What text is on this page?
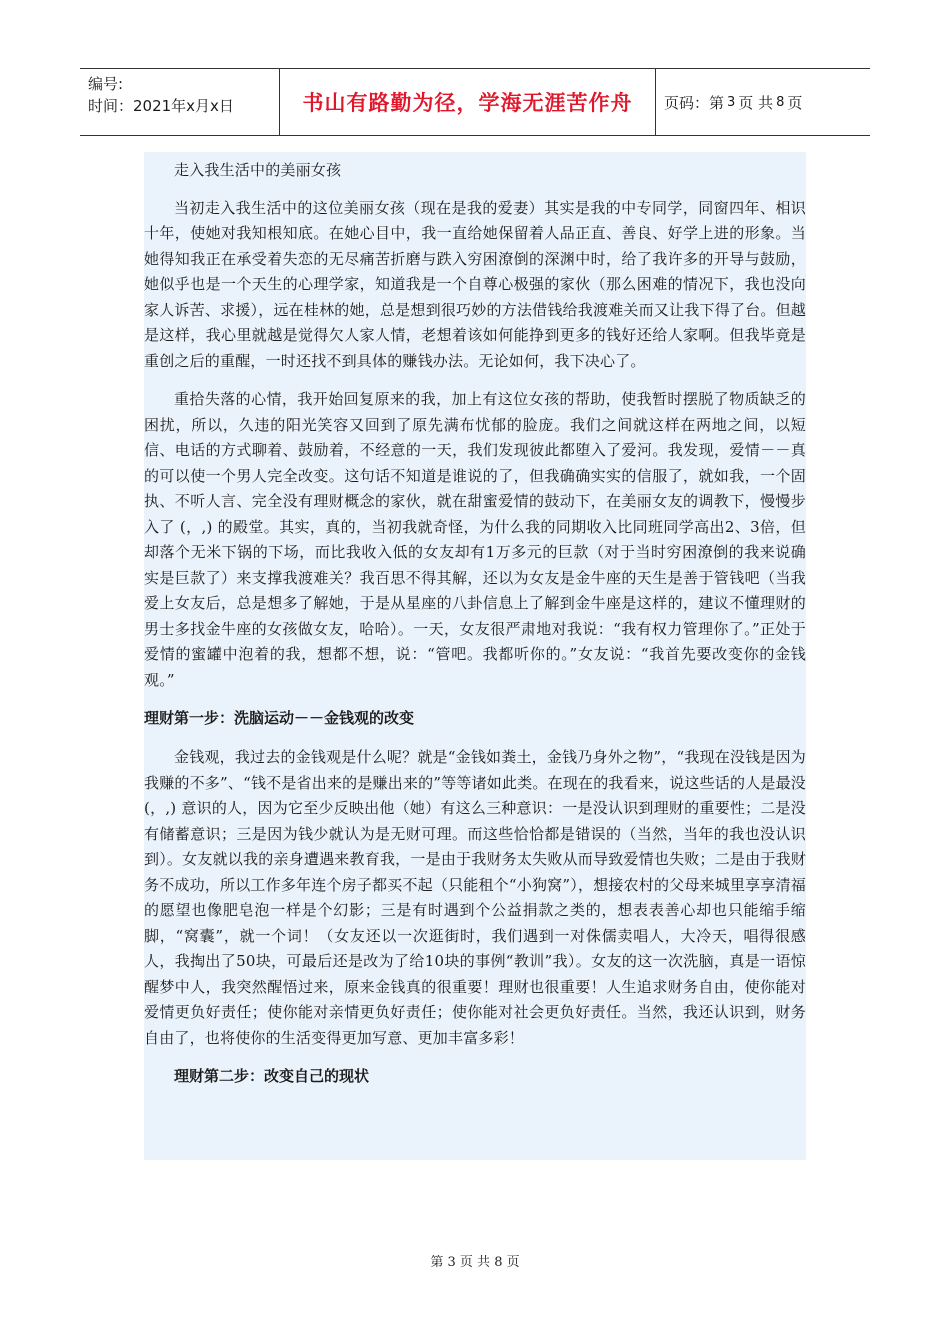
编号:
时间：2021年x月x日	书山有路勤为径，学海无涯苦作舟 页码：第 3 页 共 8 页

走入我生活中的美丽女孩

当初走入我生活中的这位美丽女孩（现在是我的爱妻）其实是我的中专同学，同窗四年、相识十年，使她对我知根知底。在她心目中，我一直给她保留着人品正直、善良、好学上进的形象。当她得知我正在承受着失恋的无尽痛苦折磨与跌入穷困潦倒的深渊中时，给了我许多的开导与鼓励，她似乎也是一个天生的心理学家，知道我是一个自尊心极强的家伙（那么困难的情况下，我也没向家人诉苦、求援），远在桂林的她，总是想到很巧妙的方法借钱给我渡难关而又让我下得了台。但越是这样，我心里就越是觉得欠人家人情，老想着该如何能挣到更多的钱好还给人家啊。但我毕竟是重创之后的重醒，一时还找不到具体的赚钱办法。无论如何，我下决心了。

重拾失落的心情，我开始回复原来的我，加上有这位女孩的帮助，使我暂时摆脱了物质缺乏的困扰，所以，久违的阳光笑容又回到了原先满布忧郁的脸庞。我们之间就这样在两地之间，以短信、电话的方式聊着、鼓励着，不经意的一天，我们发现彼此都堕入了爱河。我发现，爱情－－真的可以使一个男人完全改变。这句话不知道是谁说的了，但我确确实实的信服了，就如我，一个固执、不听人言、完全没有理财概念的家伙，就在甜蜜爱情的鼓动下，在美丽女友的调教下，慢慢步入了 (，,) 的殿堂。其实，真的，当初我就奇怪，为什么我的同期收入比同班同学高出2、3倍，但却落个无米下锅的下场，而比我收入低的女友却有1万多元的巨款（对于当时穷困潦倒的我来说确实是巨款了）来支撑我渡难关？我百思不得其解，还以为女友是金牛座的天生是善于管钱吧（当我爱上女友后，总是想多了解她，于是从星座的八卦信息上了解到金牛座是这样的，建议不懂理财的男士多找金牛座的女孩做女友，哈哈）。一天，女友很严肃地对我说：“我有权力管理你了。”正处于爱情的蜜罐中泡着的我，想都不想，说：“管吧。我都听你的。”女友说：“我首先要改变你的金钱观。”

理财第一步：洗脑运动－－金钱观的改变

金钱观，我过去的金钱观是什么呢？就是“金钱如粪土，金钱乃身外之物”，“我现在没钱是因为我赚的不多”、“钱不是省出来的是赚出来的”等等诸如此类。在现在的我看来，说这些话的人是最没 (，,) 意识的人，因为它至少反映出他（她）有这么三种意识：一是没认识到理财的重要性；二是没有储蓄意识；三是因为钱少就认为是无财可理。而这些恰恰都是错误的（当然，当年的我也没认识到）。女友就以我的亲身遭遇来教育我，一是由于我财务太失败从而导致爱情也失败；二是由于我财务不成功，所以工作多年连个房子都买不起（只能租个“小狗窝”），想接农村的父母来城里享享清福的愿望也像肥皂泡一样是个幻影；三是有时遇到个公益捐款之类的，想表表善心却也只能缩手缩脚，“窝囊”，就一个词！（女友还以一次逛街时，我们遇到一对侏儒卖唱人，大冷天，唱得很感人，我掏出了50块，可最后还是改为了给10块的事例“教训”我）。女友的这一次洗脑，真是一语惊醒梦中人，我突然醒悟过来，原来金钱真的很重要！理财也很重要！人生追求财务自由，使你能对爱情更负好责任；使你能对亲情更负好责任；使你能对社会更负好责任。当然，我还认识到，财务自由了，也将使你的生活变得更加写意、更加丰富多彩！

理财第二步：改变自己的现状
第 3 页 共 8 页
